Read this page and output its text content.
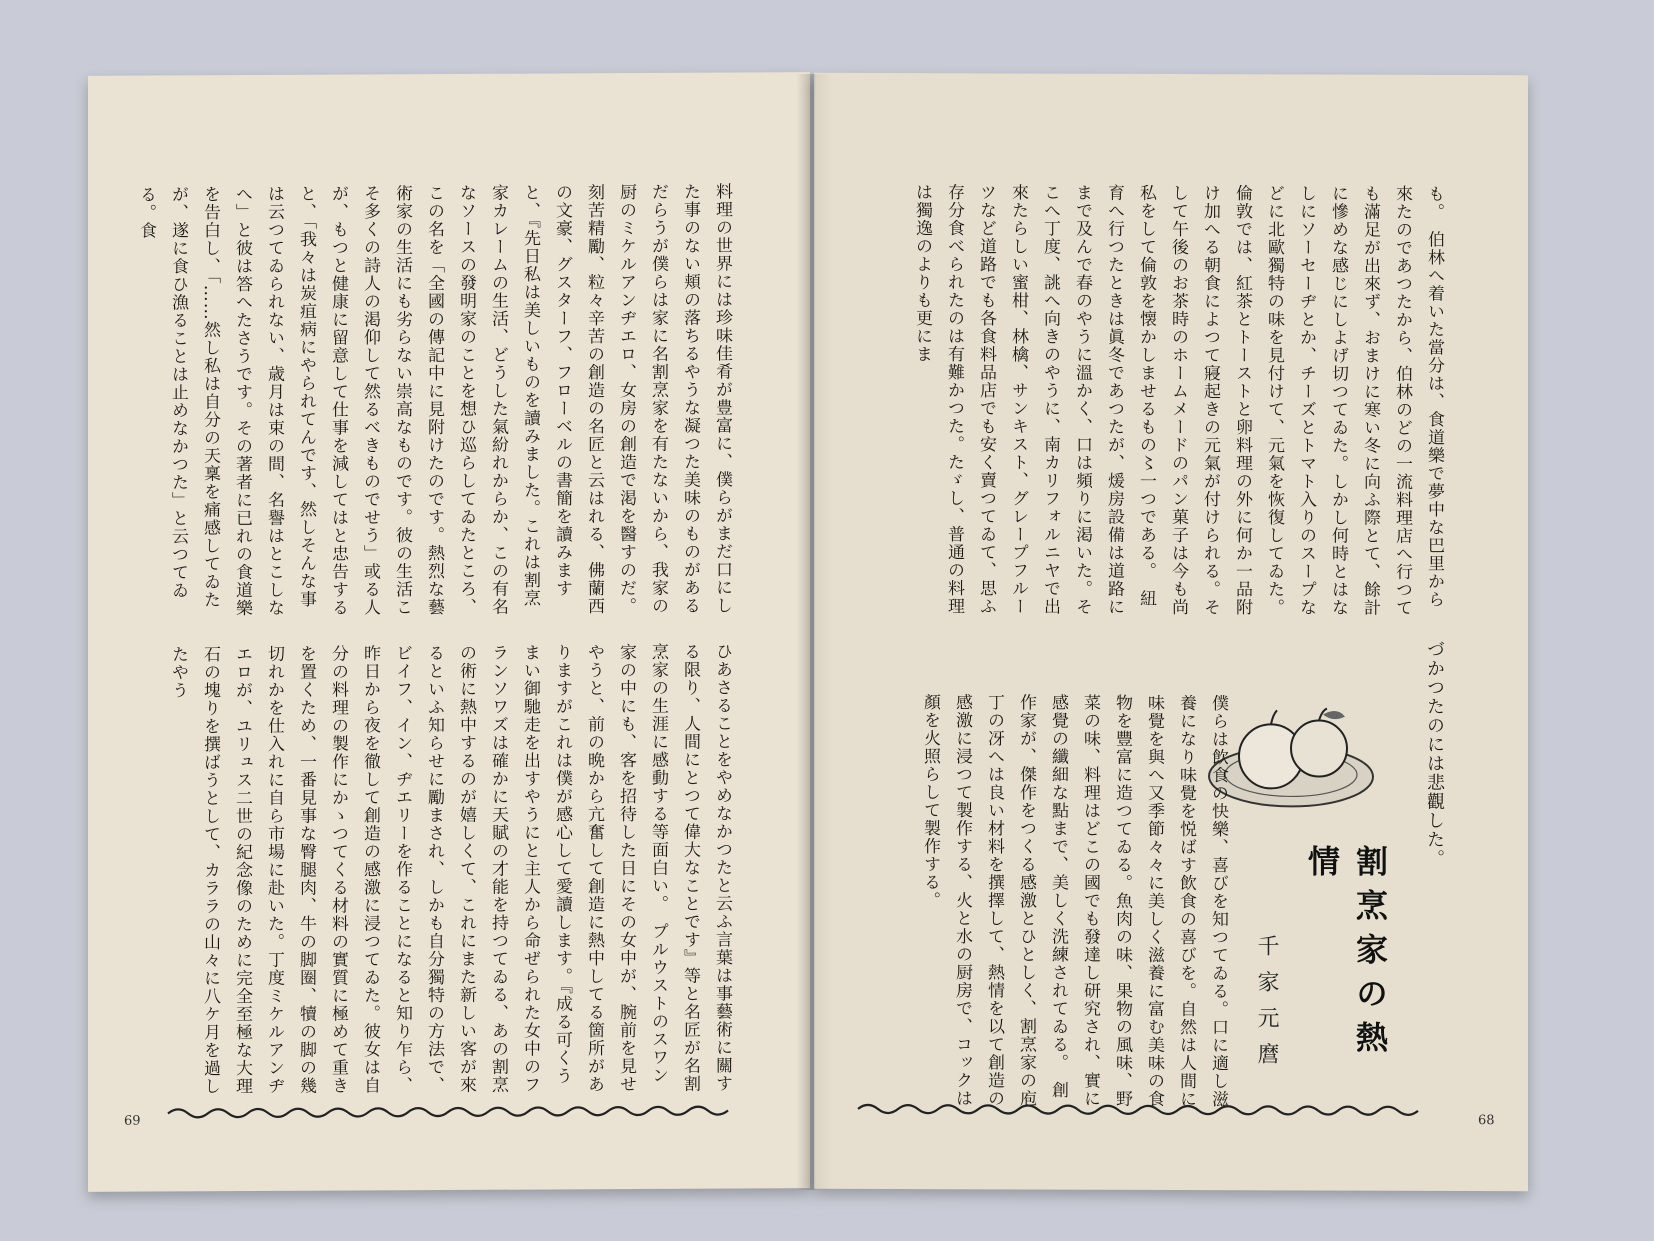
料理の世界には珍味佳肴が豊富に、僕らがまだ口にした事のない頬の落ちるやうな凝つた美味のものがあるだらうが僕らは家に名割烹家を有たないから、我家の厨のミケルアンヂエロ、女房の創造で渇を醫すのだ。　刻苦精勵、粒々辛苦の創造の名匠と云はれる、佛蘭西の文豪、グスターフ、フローベルの書簡を讀みますと、『先日私は美しいものを讀みました。これは割烹家カレームの生活、どうした氣紛れからか、この有名なソースの發明家のことを想ひ巡らしてゐたところ、この名を「全國の傳記中に見附けたのです。熱烈な藝術家の生活にも劣らない崇高なものです。彼の生活こそ多くの詩人の渇仰して然るべきものでせう」或る人が、もつと健康に留意して仕事を減してはと忠告すると、「我々は炭疽病にやられてんです、然しそんな事は云つてゐられない、歳月は束の間、名譽はとこしなへ」と彼は答へたさうです。その著者に已れの食道樂を告白し、「……然し私は自分の天稟を痛感してゐたが、遂に食ひ漁ることは止めなかつた」と云つてゐる。食
ひあさることをやめなかつたと云ふ言葉は事藝術に關する限り、人間にとつて偉大なことです』等と名匠が名割烹家の生涯に感動する等面白い。　プルウストのスワン家の中にも、客を招待した日にその女中が、腕前を見せやうと、前の晩から亢奮して創造に熱中してる箇所がありますがこれは僕が感心して愛讀します。『成る可くうまい御馳走を出すやうにと主人から命ぜられた女中のフランソワズは確かに天賦の才能を持つてゐる、あの割烹の術に熱中するのが嬉しくて、これにまた新しい客が來るといふ知らせに勵まされ、しかも自分獨特の方法で、ビイフ、イン、ヂエリーを作ることになると知り乍ら、昨日から夜を徹して創造の感激に浸つてゐた。彼女は自分の料理の製作にかゝつてくる材料の實質に極めて重きを置くため、一番見事な臀腿肉、牛の脚圈、犢の脚の幾切れかを仕入れに自ら市場に赴いた。丁度ミケルアンヂエロが、ユリュス二世の紀念像のために完全至極な大理石の塊りを撰ばうとして、カララの山々に八ケ月を過したやう
69
も。　伯林へ着いた當分は、食道樂で夢中な巴里から來たのであつたから、伯林のどの一流料理店へ行つても滿足が出來ず、おまけに寒い冬に向ふ際とて、餘計に慘めな感じにしよげ切つてゐた。しかし何時とはなしにソーセーヂとか、チーズとトマト入りのスープなどに北歐獨特の味を見付けて、元氣を恢復してゐた。　倫敦では、紅茶とトーストと卵料理の外に何か一品附け加へる朝食によつて寢起きの元氣が付けられる。そして午後のお茶時のホームメードのパン菓子は今も尚私をして倫敦を懐かしませるもの〻一つである。　紐育へ行つたときは眞冬であつたが、煖房設備は道路にまで及んで春のやうに溫かく、口は頻りに渇いた。そこへ丁度、誂へ向きのやうに、南カリフォルニヤで出來たらしい蜜柑、林檎、サンキスト、グレープフルーツなど道路でも各食料品店でも安く賣つてゐて、思ふ存分食べられたのは有難かつた。たゞし、普通の料理は獨逸のよりも更にま
づかつたのには悲觀した。
割烹家の熱情
千家元麿
僕らは飲食の快樂、喜びを知つてゐる。口に適し滋養になり味覺を悦ばす飲食の喜びを。自然は人間に味覺を與へ又季節々々に美しく滋養に富む美味の食物を豐富に造つてゐる。魚肉の味、果物の風味、野菜の味、料理はどこの國でも發達し研究され、實に感覺の纖細な點まで、美しく洗練されてゐる。　創作家が、傑作をつくる感激とひとしく、割烹家の庖丁の冴へは良い材料を撰擇して、熱情を以て創造の感激に浸つて製作する、火と水の厨房で、コックは顏を火照らして製作する。
68
